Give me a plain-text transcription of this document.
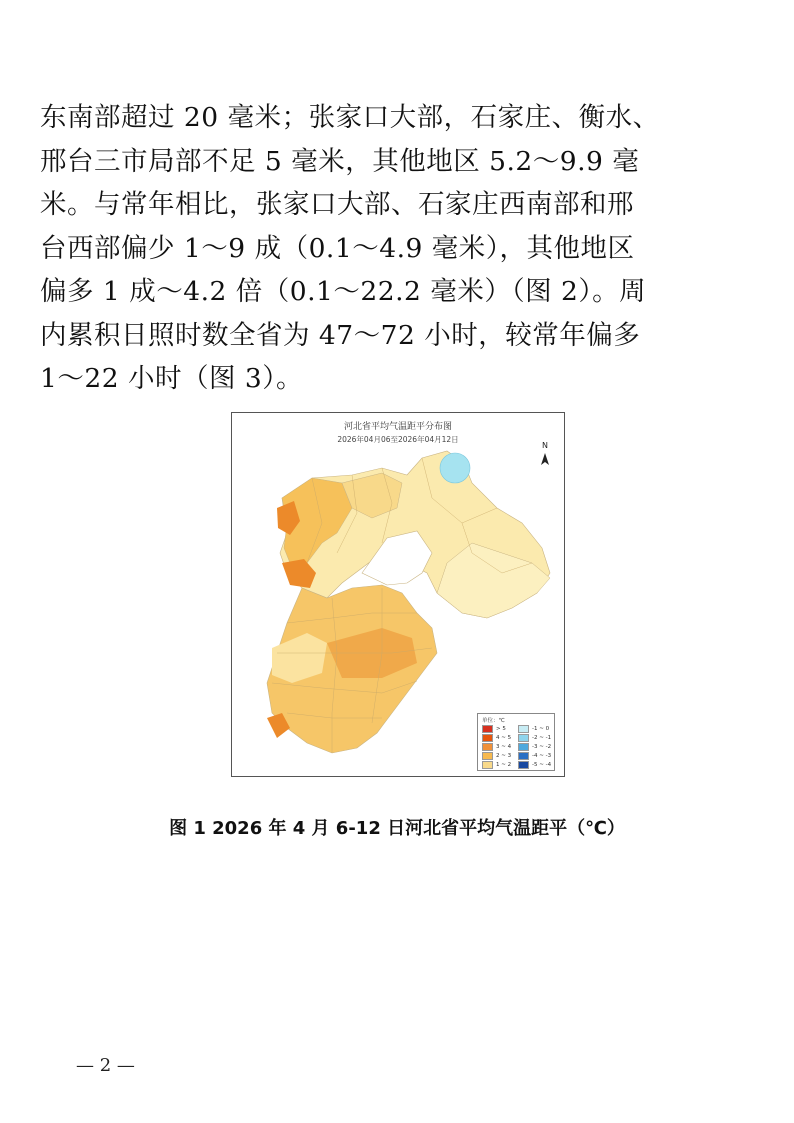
东南部超过 20 毫米；张家口大部，石家庄、衡水、

邢台三市局部不足 5 毫米，其他地区 5.2～9.9 毫

米。与常年相比，张家口大部、石家庄西南部和邢

台西部偏少 1～9 成（0.1～4.9 毫米），其他地区

偏多 1 成～4.2 倍（0.1～22.2 毫米）（图 2）。周

内累积日照时数全省为 47～72 小时，较常年偏多

1～22 小时（图 3）。

河北省平均气温距平分布图
2026年04月06至2026年04月12日
N
单位：℃
> 5
4 ~ 5
3 ~ 4
2 ~ 3
1 ~ 2
-1 ~ 0
-2 ~ -1
-3 ~ -2
-4 ~ -3
-5 ~ -4
图 1 2026 年 4 月 6-12 日河北省平均气温距平（℃）
— 2 —
